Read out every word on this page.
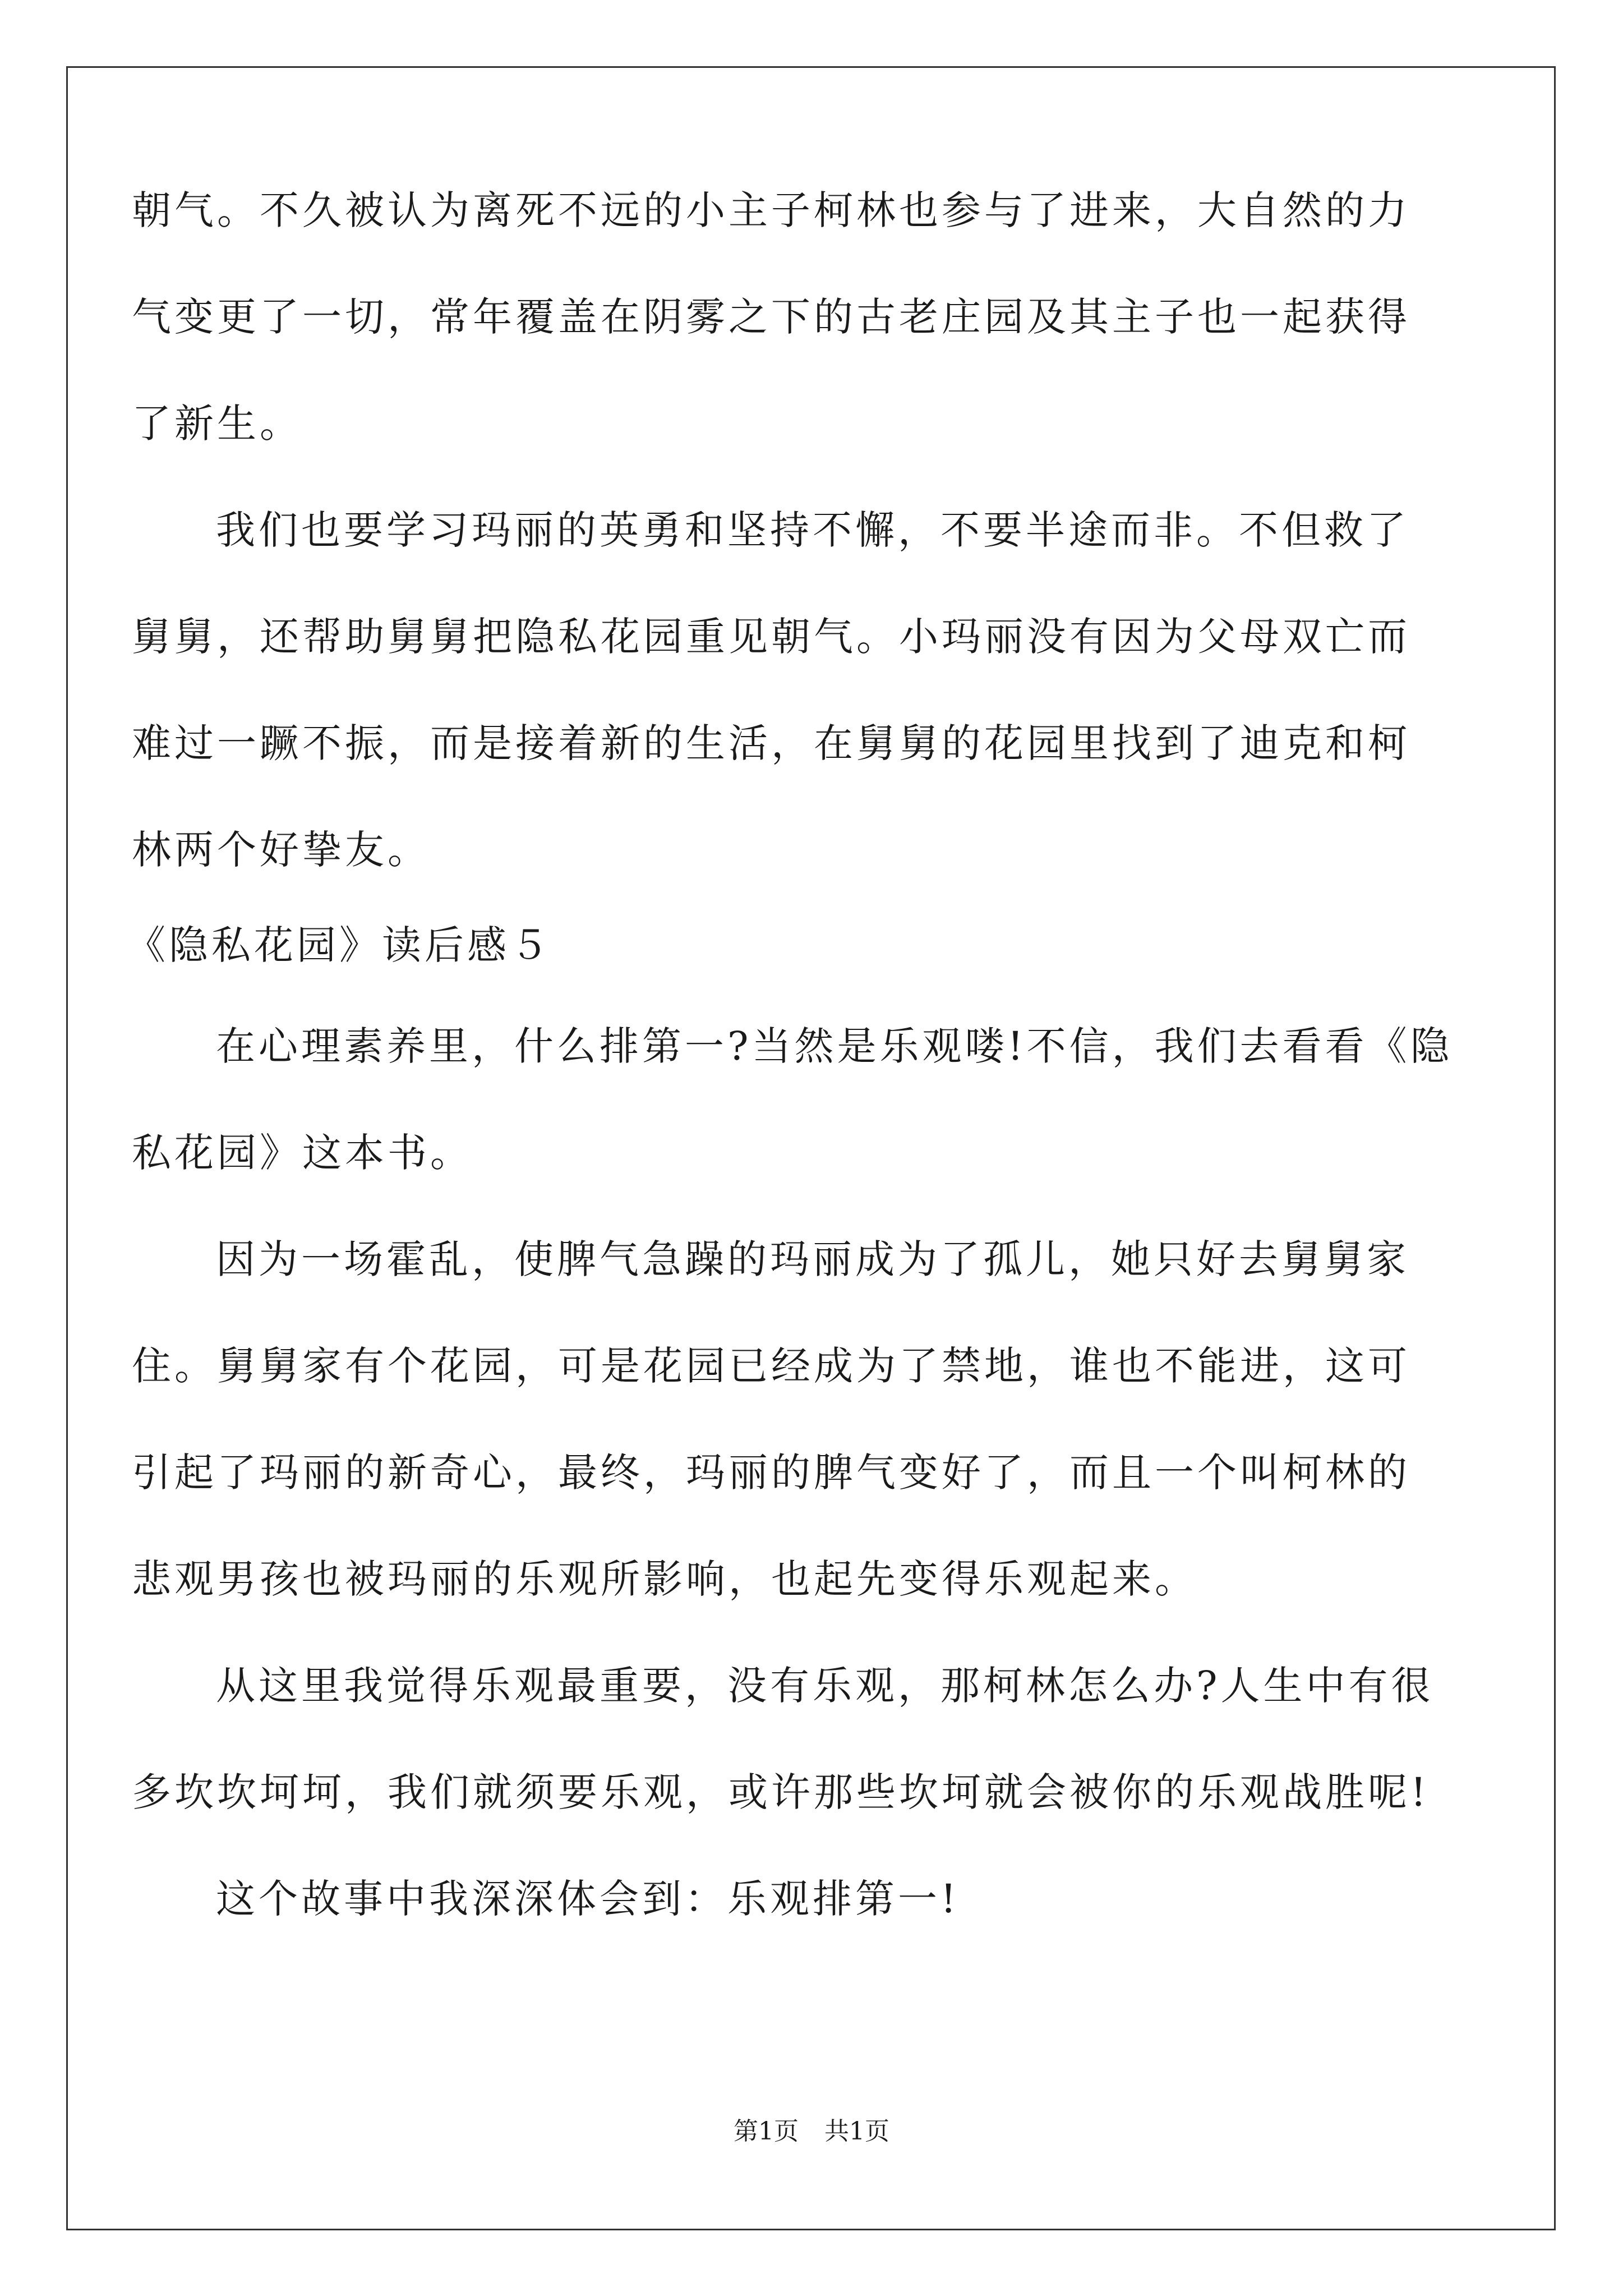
朝气。不久被认为离死不远的小主子柯林也参与了进来，大自然的力
气变更了一切，常年覆盖在阴雾之下的古老庄园及其主子也一起获得
了新生。
我们也要学习玛丽的英勇和坚持不懈，不要半途而非。不但救了
舅舅，还帮助舅舅把隐私花园重见朝气。小玛丽没有因为父母双亡而
难过一蹶不振，而是接着新的生活，在舅舅的花园里找到了迪克和柯
林两个好挚友。
《隐私花园》读后感５
在心理素养里，什么排第一?当然是乐观喽!不信，我们去看看《隐
私花园》这本书。
因为一场霍乱，使脾气急躁的玛丽成为了孤儿，她只好去舅舅家
住。舅舅家有个花园，可是花园已经成为了禁地，谁也不能进，这可
引起了玛丽的新奇心，最终，玛丽的脾气变好了，而且一个叫柯林的
悲观男孩也被玛丽的乐观所影响，也起先变得乐观起来。
从这里我觉得乐观最重要，没有乐观，那柯林怎么办?人生中有很
多坎坎坷坷，我们就须要乐观，或许那些坎坷就会被你的乐观战胜呢!
这个故事中我深深体会到：乐观排第一!
第1页 共1页
